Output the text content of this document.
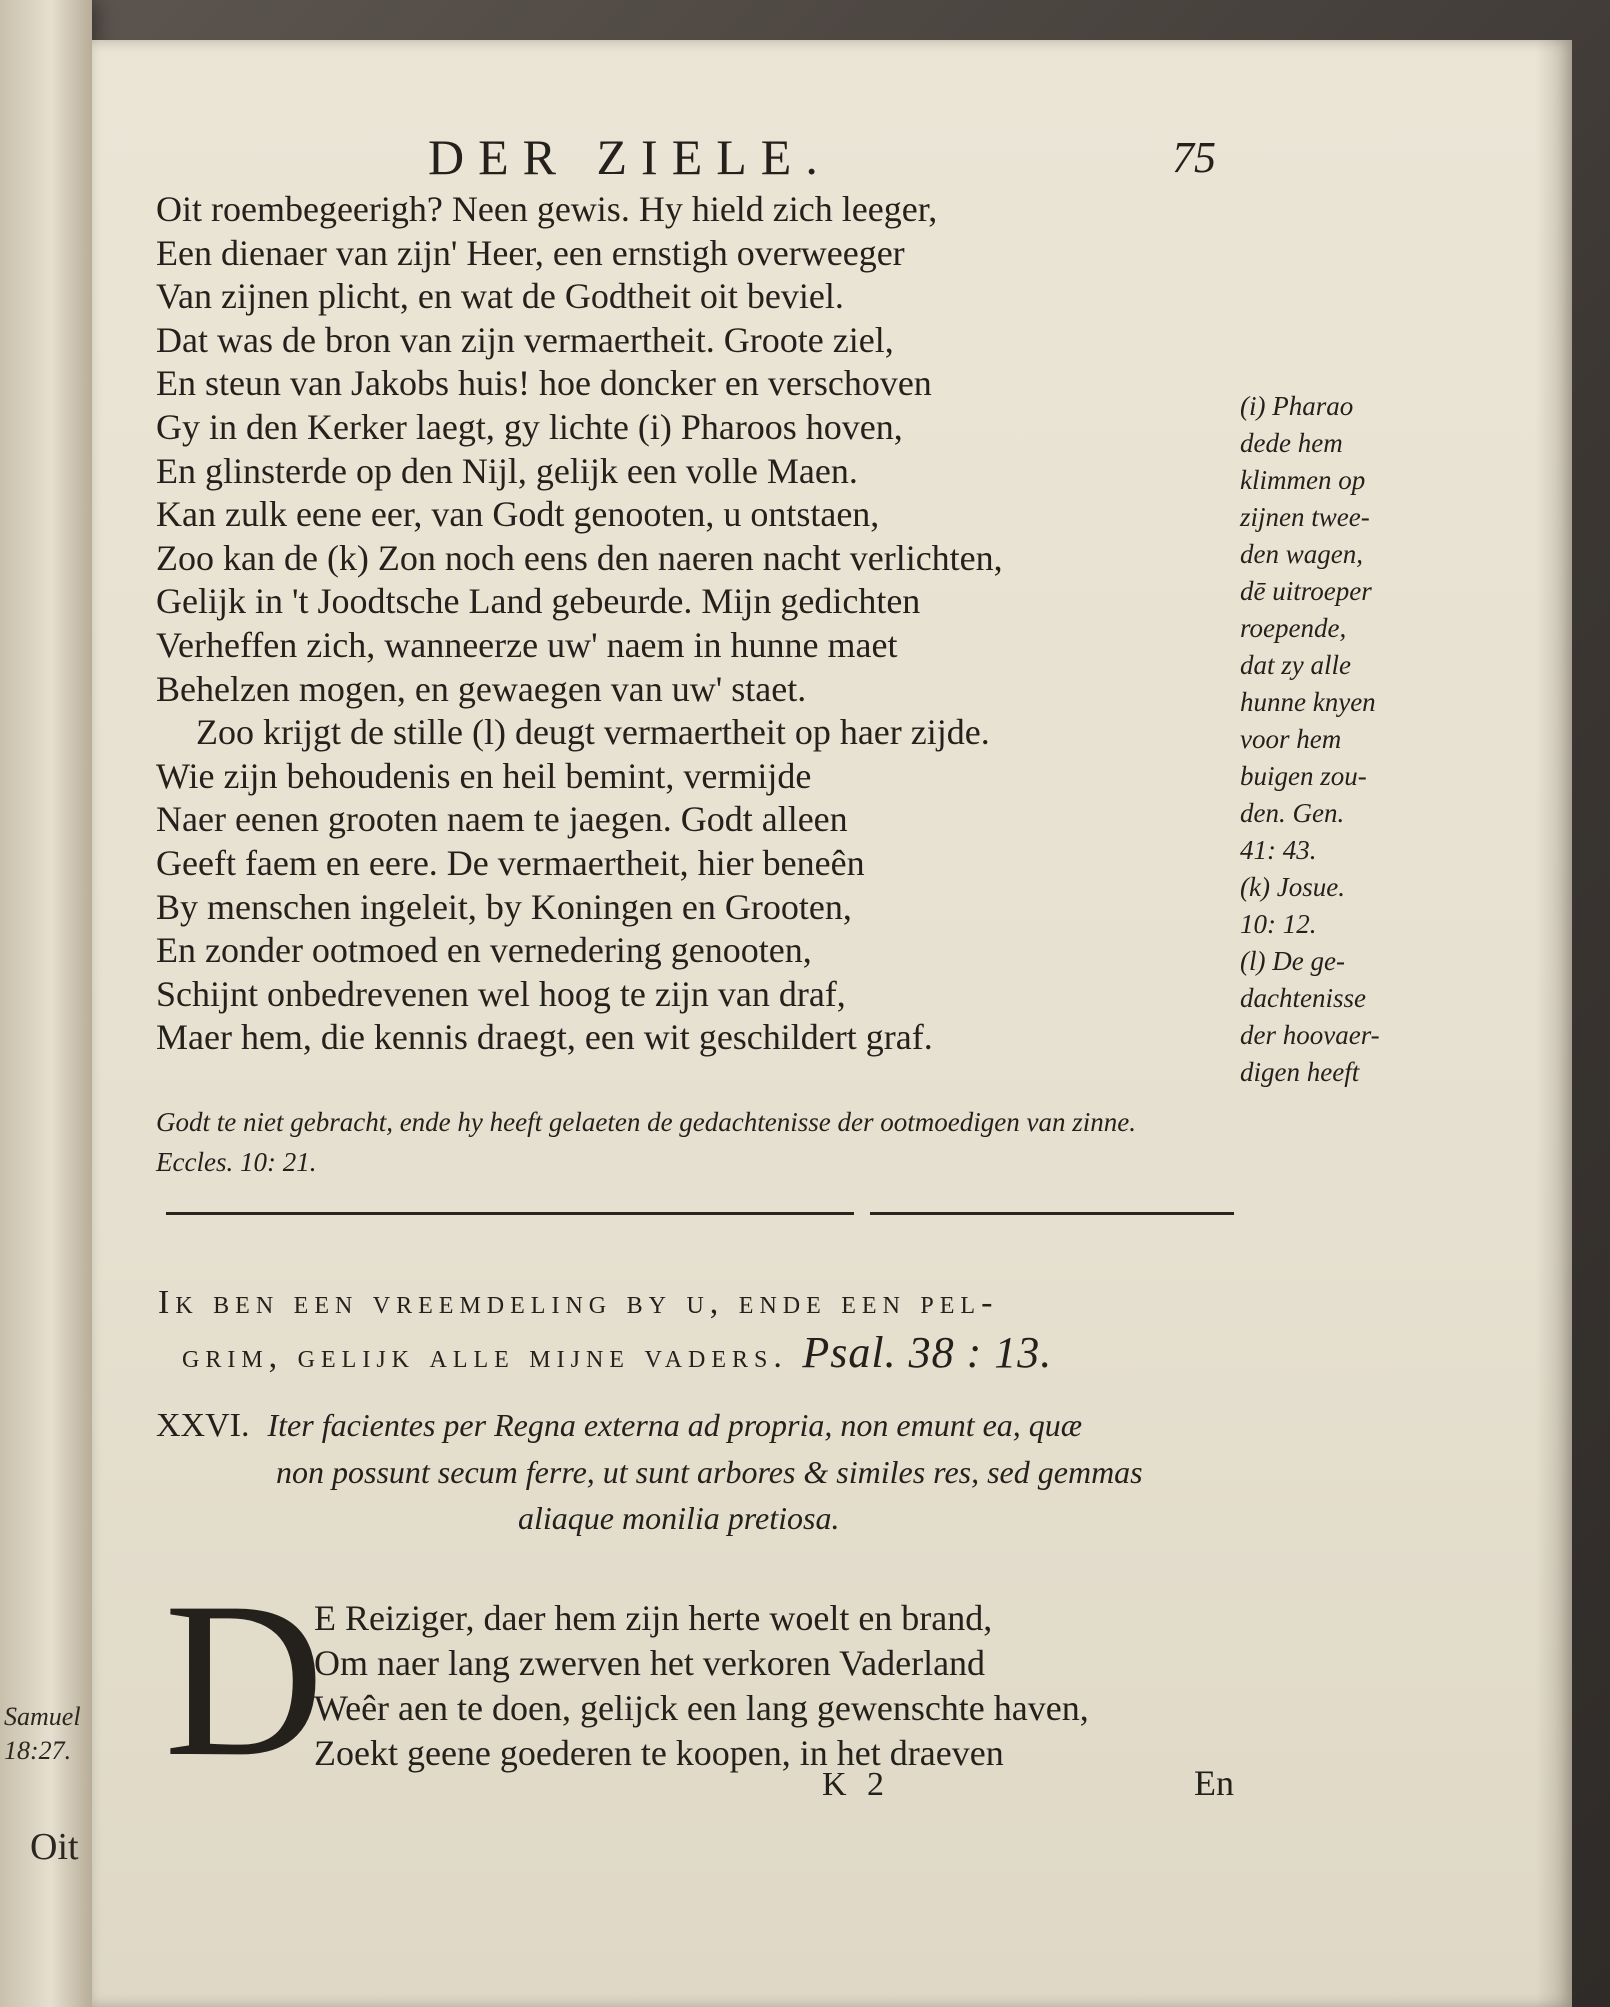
Samuel
18:27.
Oit
DER ZIELE.	75
Oit roembegeerigh? Neen gewis. Hy hield zich leeger,
Een dienaer van zijn' Heer, een ernstigh overweeger
Van zijnen plicht, en wat de Godtheit oit beviel.
Dat was de bron van zijn vermaertheit. Groote ziel,
En steun van Jakobs huis! hoe doncker en verschoven
Gy in den Kerker laegt, gy lichte (i) Pharoos hoven,
En glinsterde op den Nijl, gelijk een volle Maen.
Kan zulk eene eer, van Godt genooten, u ontstaen,
Zoo kan de (k) Zon noch eens den naeren nacht verlichten,
Gelijk in 't Joodtsche Land gebeurde. Mijn gedichten
Verheffen zich, wanneerze uw' naem in hunne maet
Behelzen mogen, en gewaegen van uw' staet.
Zoo krijgt de stille (l) deugt vermaertheit op haer zijde.
Wie zijn behoudenis en heil bemint, vermijde
Naer eenen grooten naem te jaegen. Godt alleen
Geeft faem en eere. De vermaertheit, hier beneên
By menschen ingeleit, by Koningen en Grooten,
En zonder ootmoed en vernedering genooten,
Schijnt onbedrevenen wel hoog te zijn van draf,
Maer hem, die kennis draegt, een wit geschildert graf.
(i) Pharao
dede hem
klimmen op
zijnen twee-
den wagen,
dē uitroeper
roepende,
dat zy alle
hunne knyen
voor hem
buigen zou-
den. Gen.
41: 43.
(k) Josue.
10: 12.
(l) De ge-
dachtenisse
der hoovaer-
digen heeft
Godt te niet gebracht, ende hy heeft gelaeten de gedachtenisse der ootmoedigen van zinne.
Eccles. 10: 21.
Ik ben een vreemdeling by u, ende een pel-
grim, gelijk alle mijne vaders. Psal. 38 : 13.
XXVI. Iter facientes per Regna externa ad propria, non emunt ea, quæ
non possunt secum ferre, ut sunt arbores & similes res, sed gemmas
aliaque monilia pretiosa.
D
E Reiziger, daer hem zijn herte woelt en brand,
Om naer lang zwerven het verkoren Vaderland
Weêr aen te doen, gelijck een lang gewenschte haven,
Zoekt geene goederen te koopen, in het draeven
K 2	En
